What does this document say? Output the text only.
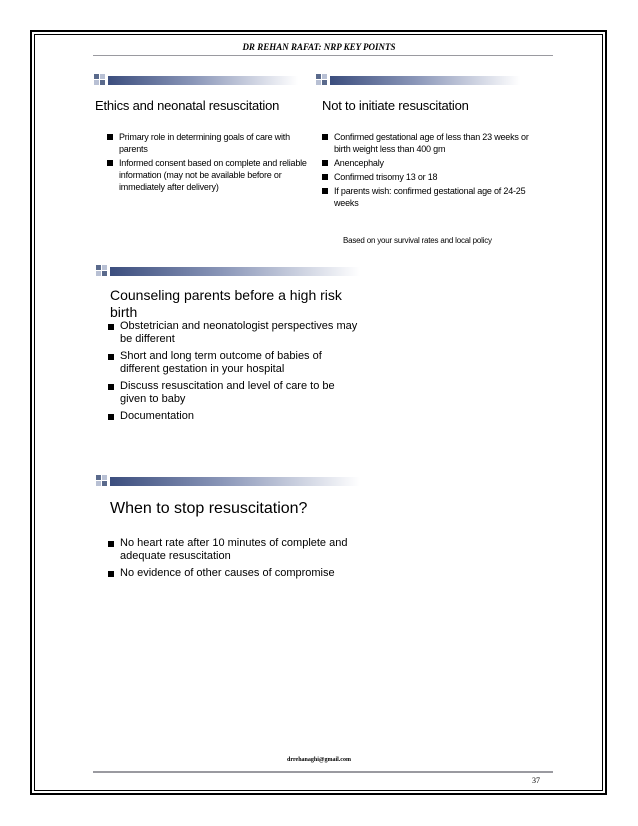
DR REHAN RAFAT: NRP KEY POINTS
Ethics and neonatal resuscitation
Primary role in determining goals of care with parents
Informed consent based on complete and reliable information (may not be available before or immediately after delivery)
Not to initiate resuscitation
Confirmed gestational age of less than 23 weeks or birth weight less than 400 gm
Anencephaly
Confirmed trisomy 13 or 18
If parents wish: confirmed gestational age of 24-25 weeks
Based on your survival rates and local policy
Counseling parents before a high risk birth
Obstetrician and neonatologist perspectives may be different
Short and long term outcome of babies of different gestation in your hospital
Discuss resuscitation and level of care to be given to baby
Documentation
When to stop resuscitation?
No heart rate after 10 minutes of complete and adequate resuscitation
No evidence of other causes of compromise
drrehanaghi@gmail.com
37
